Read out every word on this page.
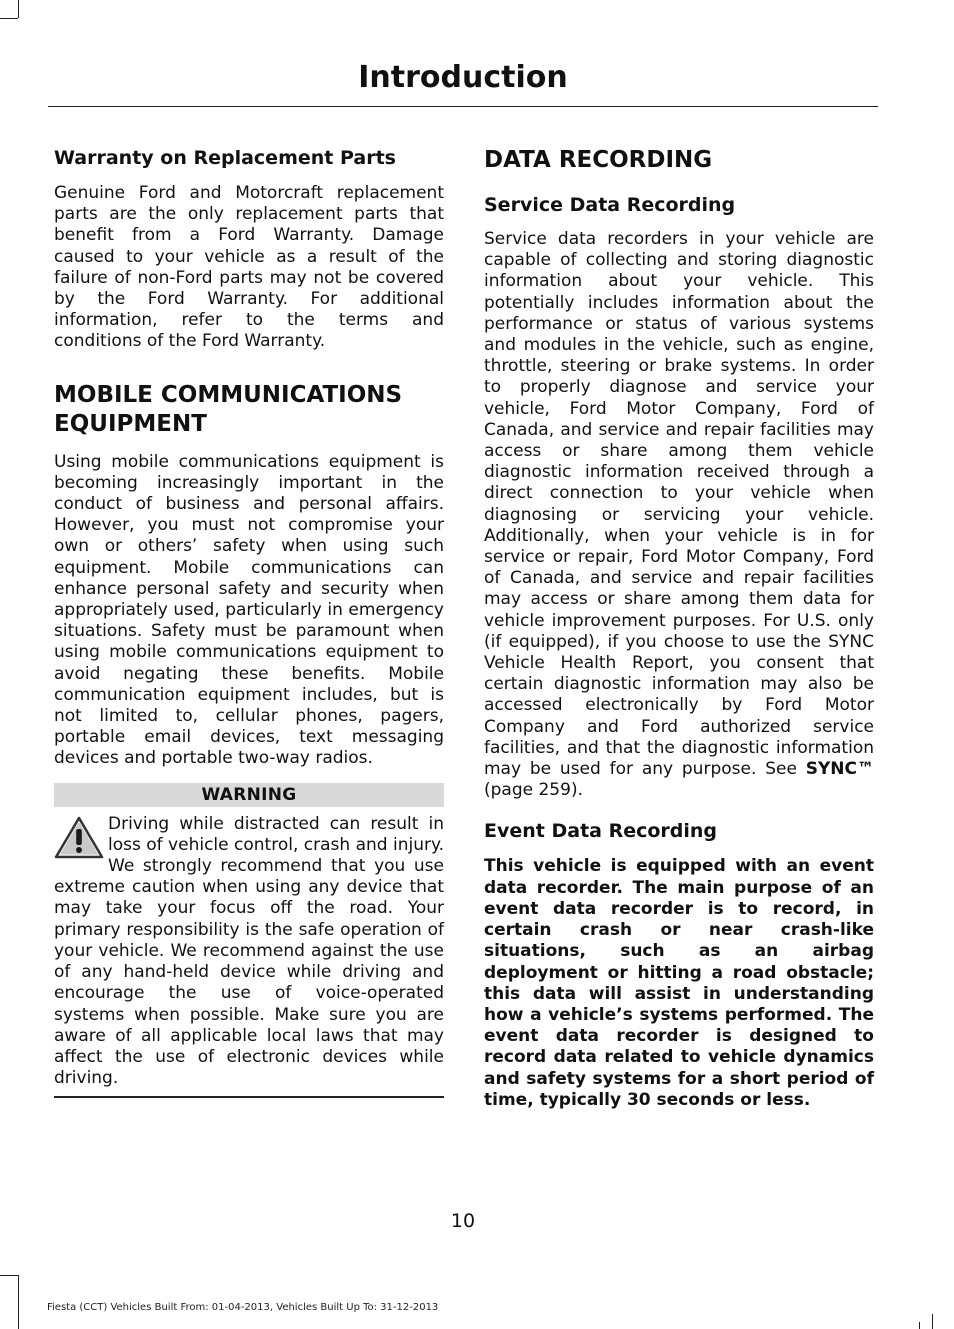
Introduction
Warranty on Replacement Parts
Genuine Ford and Motorcraft replacement parts are the only replacement parts that benefit from a Ford Warranty. Damage caused to your vehicle as a result of the failure of non-Ford parts may not be covered by the Ford Warranty. For additional information, refer to the terms and conditions of the Ford Warranty.
MOBILE COMMUNICATIONS EQUIPMENT
Using mobile communications equipment is becoming increasingly important in the conduct of business and personal affairs. However, you must not compromise your own or others’ safety when using such equipment. Mobile communications can enhance personal safety and security when appropriately used, particularly in emergency situations. Safety must be paramount when using mobile communications equipment to avoid negating these benefits. Mobile communication equipment includes, but is not limited to, cellular phones, pagers, portable email devices, text messaging devices and portable two-way radios.
WARNING
Driving while distracted can result in loss of vehicle control, crash and injury. We strongly recommend that you use extreme caution when using any device that may take your focus off the road. Your primary responsibility is the safe operation of your vehicle. We recommend against the use of any hand-held device while driving and encourage the use of voice-operated systems when possible. Make sure you are aware of all applicable local laws that may affect the use of electronic devices while driving.
DATA RECORDING
Service Data Recording
Service data recorders in your vehicle are capable of collecting and storing diagnostic information about your vehicle. This potentially includes information about the performance or status of various systems and modules in the vehicle, such as engine, throttle, steering or brake systems. In order to properly diagnose and service your vehicle, Ford Motor Company, Ford of Canada, and service and repair facilities may access or share among them vehicle diagnostic information received through a direct connection to your vehicle when diagnosing or servicing your vehicle. Additionally, when your vehicle is in for service or repair, Ford Motor Company, Ford of Canada, and service and repair facilities may access or share among them data for vehicle improvement purposes. For U.S. only (if equipped), if you choose to use the SYNC Vehicle Health Report, you consent that certain diagnostic information may also be accessed electronically by Ford Motor Company and Ford authorized service facilities, and that the diagnostic information may be used for any purpose. See SYNC™ (page 259).
Event Data Recording
This vehicle is equipped with an event data recorder. The main purpose of an event data recorder is to record, in certain crash or near crash-like situations, such as an airbag deployment or hitting a road obstacle; this data will assist in understanding how a vehicle’s systems performed. The event data recorder is designed to record data related to vehicle dynamics and safety systems for a short period of time, typically 30 seconds or less.
10
Fiesta (CCT) Vehicles Built From: 01-04-2013, Vehicles Built Up To: 31-12-2013
